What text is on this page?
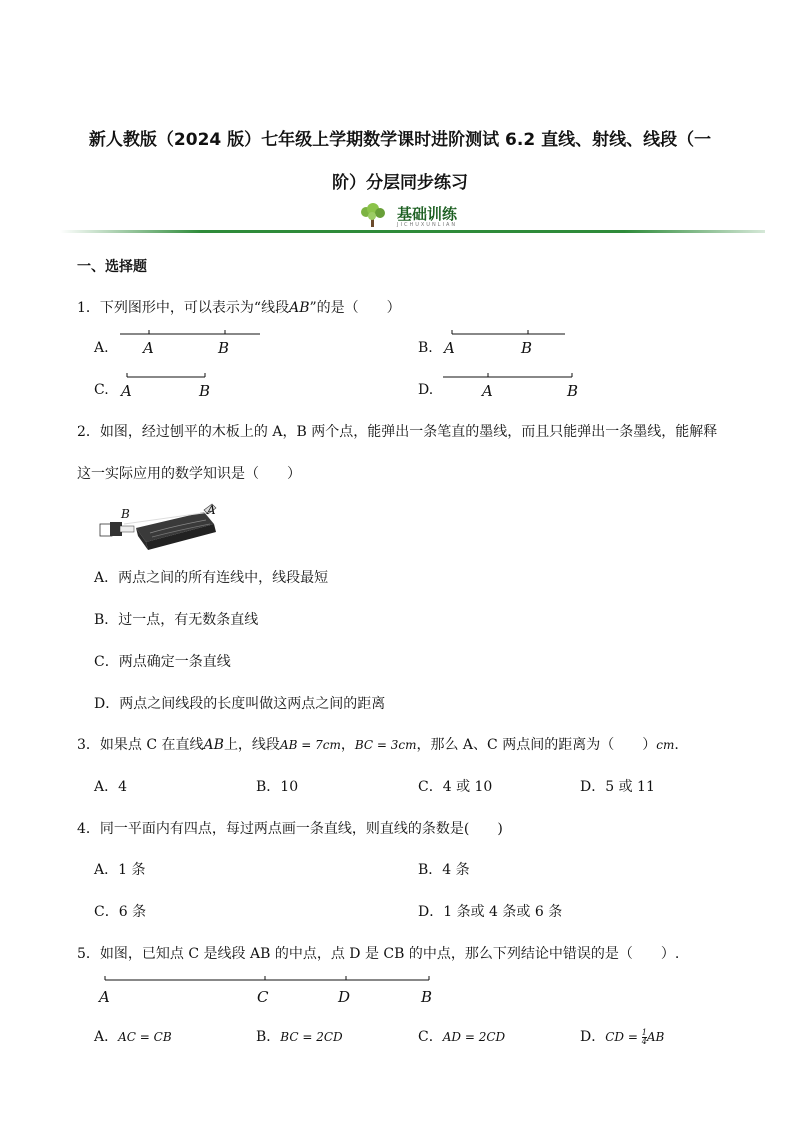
新人教版（2024 版）七年级上学期数学课时进阶测试 6.2 直线、射线、线段（一
阶）分层同步练习
基础训练
JICHUXUNLIAN
一、选择题
1．下列图形中，可以表示为“线段AB”的是（　　）
A. A	B	B. A	B
C. A	B	D.	A	B
2．如图，经过刨平的木板上的 A，B 两个点，能弹出一条笔直的墨线，而且只能弹出一条墨线，能解释
这一实际应用的数学知识是（　　）
B	A
A．两点之间的所有连线中，线段最短
B．过一点，有无数条直线
C．两点确定一条直线
D．两点之间线段的长度叫做这两点之间的距离
3．如果点 C 在直线AB上，线段AB = 7cm，BC = 3cm，那么 A、C 两点间的距离为（　　）cm.
A．4	B．10	C．4 或 10	D．5 或 11
4．同一平面内有四点，每过两点画一条直线，则直线的条数是(　　)
A．1 条	B．4 条
C．6 条	D．1 条或 4 条或 6 条
5．如图，已知点 C 是线段 AB 的中点，点 D 是 CB 的中点，那么下列结论中错误的是（　　）.
A	C	D	B
A．AC = CB	B．BC = 2CD	C．AD = 2CD	D．CD = $\frac{1}{4}$ AB
